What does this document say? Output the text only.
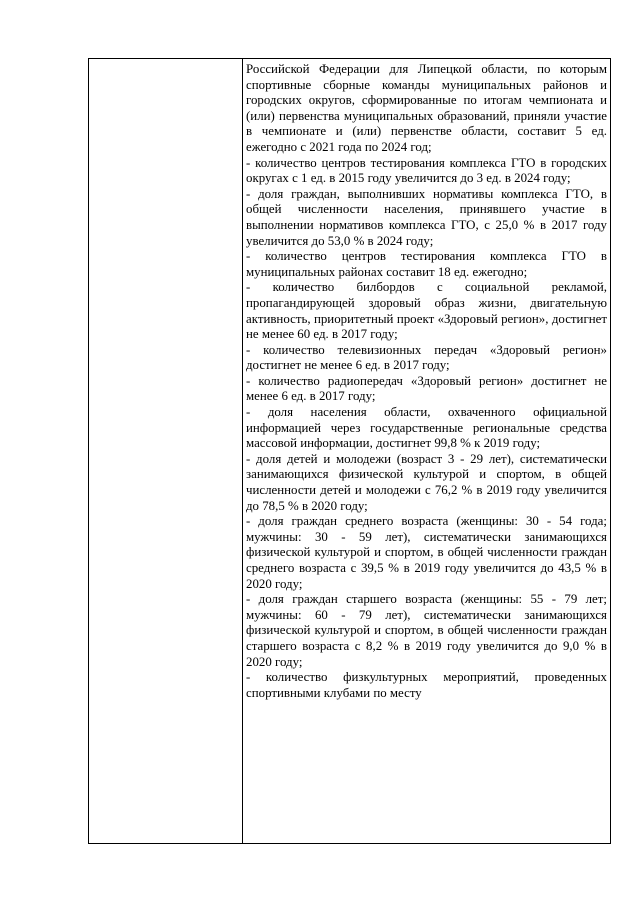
Российской Федерации для Липецкой области, по которым спортивные сборные команды муниципальных районов и городских округов, сформированные по итогам чемпионата и (или) первенства муниципальных образований, приняли участие в чемпионате и (или) первенстве области, составит 5 ед. ежегодно с 2021 года по 2024 год;

- количество центров тестирования комплекса ГТО в городских округах с 1 ед. в 2015 году увеличится до 3 ед. в 2024 году;

- доля граждан, выполнивших нормативы комплекса ГТО, в общей численности населения, принявшего участие в выполнении нормативов комплекса ГТО, с 25,0 % в 2017 году увеличится до 53,0 % в 2024 году;

- количество центров тестирования комплекса ГТО в муниципальных районах составит 18 ед. ежегодно;

- количество билбордов с социальной рекламой, пропагандирующей здоровый образ жизни, двигательную активность, приоритетный проект «Здоровый регион», достигнет не менее 60 ед. в 2017 году;

- количество телевизионных передач «Здоровый регион» достигнет не менее 6 ед. в 2017 году;

- количество радиопередач «Здоровый регион» достигнет не менее 6 ед. в 2017 году;

- доля населения области, охваченного официальной информацией через государственные региональные средства массовой информации, достигнет 99,8 % к 2019 году;

- доля детей и молодежи (возраст 3 - 29 лет), систематически занимающихся физической культурой и спортом, в общей численности детей и молодежи с 76,2 % в 2019 году увеличится до 78,5 % в 2020 году;

- доля граждан среднего возраста (женщины: 30 - 54 года; мужчины: 30 - 59 лет), систематически занимающихся физической культурой и спортом, в общей численности граждан среднего возраста с 39,5 % в 2019 году увеличится до 43,5 % в 2020 году;

- доля граждан старшего возраста (женщины: 55 - 79 лет; мужчины: 60 - 79 лет), систематически занимающихся физической культурой и спортом, в общей численности граждан старшего возраста с 8,2 % в 2019 году увеличится до 9,0 % в 2020 году;

- количество физкультурных мероприятий, проведенных спортивными клубами по месту
